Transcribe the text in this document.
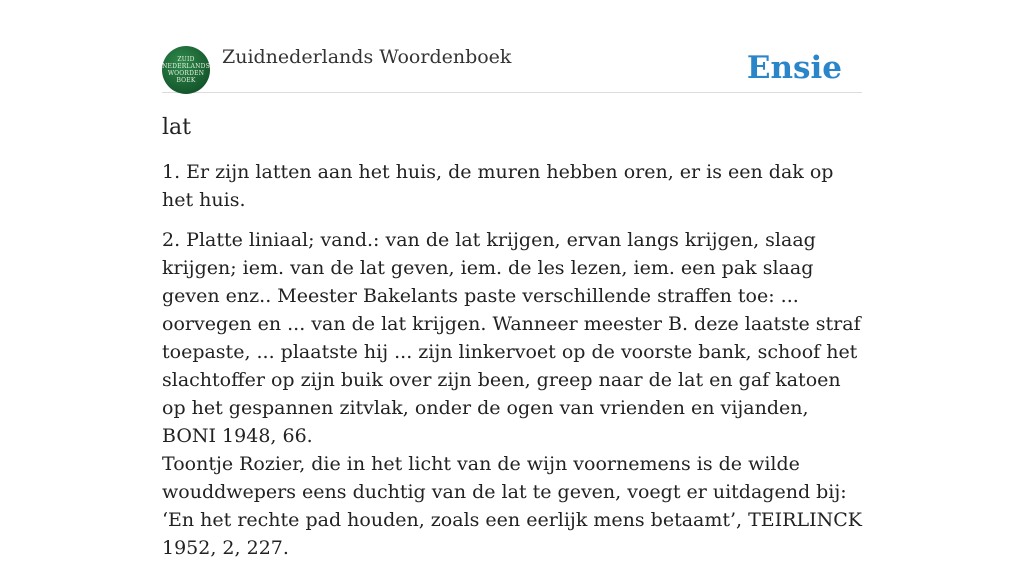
ZUID
NEDERLANDS
WOORDEN
BOEK
Zuidnederlands Woordenboek	Ensie
lat

1. Er zijn latten aan het huis, de muren hebben oren, er is een dak op het huis.

2. Platte liniaal; vand.: van de lat krijgen, ervan langs krijgen, slaag krijgen; iem. van de lat geven, iem. de les lezen, iem. een pak slaag geven enz.. Meester Bakelants paste verschillende straffen toe: ... oorvegen en ... van de lat krijgen. Wanneer meester B. deze laatste straf toepaste, ... plaatste hij ... zijn linkervoet op de voorste bank, schoof het slachtoffer op zijn buik over zijn been, greep naar de lat en gaf katoen op het gespannen zitvlak, onder de ogen van vrienden en vijanden, BONI 1948, 66.

Toontje Rozier, die in het licht van de wijn voornemens is de wilde wouddwepers eens duchtig van de lat te geven, voegt er uitdagend bij: ‘En het rechte pad houden, zoals een eerlijk mens betaamt’, TEIRLINCK 1952, 2, 227.
